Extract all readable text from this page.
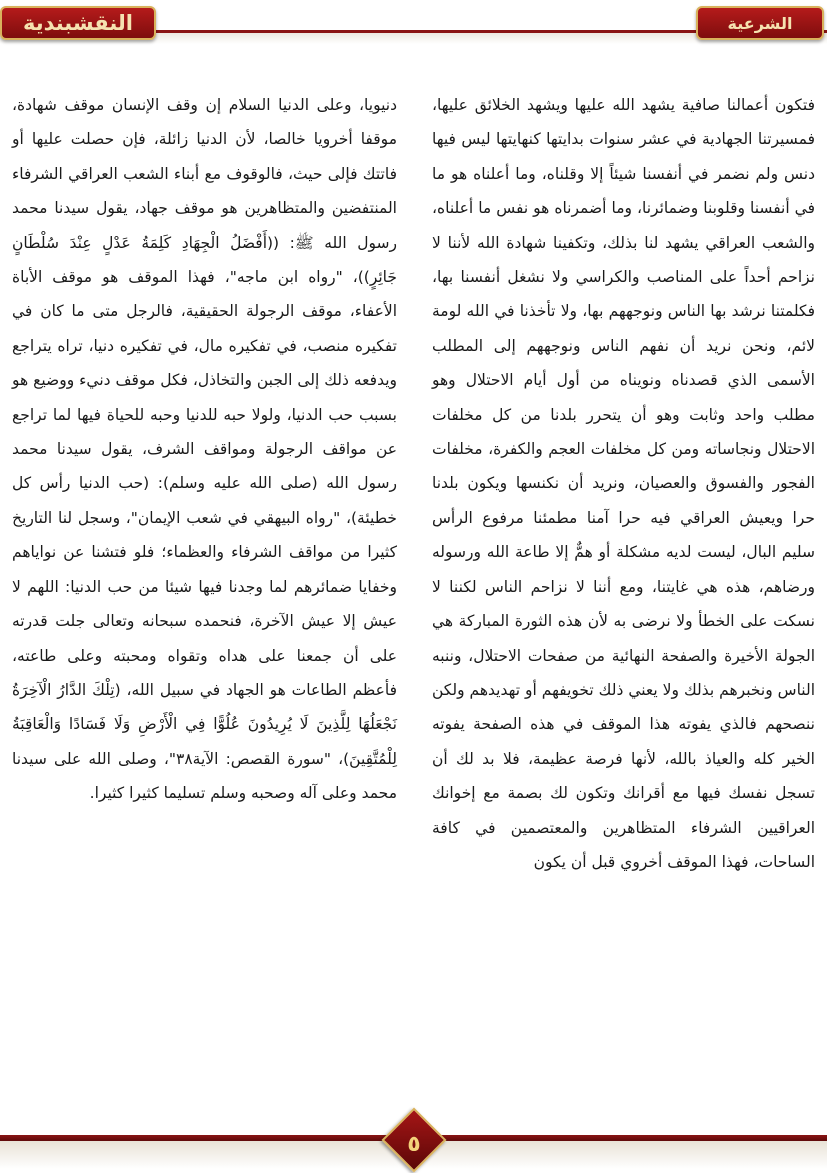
النقشبندية	الشرعية
فتكون أعمالنا صافية يشهد الله عليها ويشهد الخلائق عليها، فمسيرتنا الجهادية في عشر سنوات بدايتها كنهايتها ليس فيها دنس ولم نضمر في أنفسنا شيئاً إلا وقلناه، وما أعلناه هو ما في أنفسنا وقلوبنا وضمائرنا، وما أضمرناه هو نفس ما أعلناه، والشعب العراقي يشهد لنا بذلك، وتكفينا شهادة الله لأننا لا نزاحم أحداً على المناصب والكراسي ولا نشغل أنفسنا بها، فكلمتنا نرشد بها الناس ونوجههم بها، ولا تأخذنا في الله لومة لائم، ونحن نريد أن نفهم الناس ونوجههم إلى المطلب الأسمى الذي قصدناه ونويناه من أول أيام الاحتلال وهو مطلب واحد وثابت وهو أن يتحرر بلدنا من كل مخلفات الاحتلال ونجاساته ومن كل مخلفات العجم والكفرة، مخلفات الفجور والفسوق والعصيان، ونريد أن نكنسها ويكون بلدنا حرا ويعيش العراقي فيه حرا آمنا مطمئنا مرفوع الرأس سليم البال، ليست لديه مشكلة أو همٌّ إلا طاعة الله ورسوله ورضاهم، هذه هي غايتنا، ومع أننا لا نزاحم الناس لكننا لا نسكت على الخطأ ولا نرضى به لأن هذه الثورة المباركة هي الجولة الأخيرة والصفحة النهائية من صفحات الاحتلال، وننبه الناس ونخبرهم بذلك ولا يعني ذلك تخويفهم أو تهديدهم ولكن ننصحهم فالذي يفوته هذا الموقف في هذه الصفحة يفوته الخير كله والعياذ بالله، لأنها فرصة عظيمة، فلا بد لك أن تسجل نفسك فيها مع أقرانك وتكون لك بصمة مع إخوانك العراقيين الشرفاء المتظاهرين والمعتصمين في كافة الساحات، فهذا الموقف أخروي قبل أن يكون
دنيويا، وعلى الدنيا السلام إن وقف الإنسان موقف شهادة، موقفا أخرويا خالصا، لأن الدنيا زائلة، فإن حصلت عليها أو فاتتك فإلى حيث، فالوقوف مع أبناء الشعب العراقي الشرفاء المنتفضين والمتظاهرين هو موقف جهاد، يقول سيدنا محمد رسول الله ﷺ: ((أَفْضَلُ الْجِهَادِ كَلِمَةُ عَدْلٍ عِنْدَ سُلْطَانٍ جَائِرٍ))، "رواه ابن ماجه"، فهذا الموقف هو موقف الأباة الأعفاء، موقف الرجولة الحقيقية، فالرجل متى ما كان في تفكيره منصب، في تفكيره مال، في تفكيره دنيا، تراه يتراجع ويدفعه ذلك إلى الجبن والتخاذل، فكل موقف دنيء ووضيع هو بسبب حب الدنيا، ولولا حبه للدنيا وحبه للحياة فيها لما تراجع عن مواقف الرجولة ومواقف الشرف، يقول سيدنا محمد رسول الله (صلى الله عليه وسلم): (حب الدنيا رأس كل خطيئة)، "رواه البيهقي في شعب الإيمان"، وسجل لنا التاريخ كثيرا من مواقف الشرفاء والعظماء؛ فلو فتشنا عن نواياهم وخفايا ضمائرهم لما وجدنا فيها شيئا من حب الدنيا: اللهم لا عيش إلا عيش الآخرة، فنحمده سبحانه وتعالى جلت قدرته على أن جمعنا على هداه وتقواه ومحبته وعلى طاعته، فأعظم الطاعات هو الجهاد في سبيل الله، (تِلْكَ الدَّارُ الْآخِرَةُ نَجْعَلُهَا لِلَّذِينَ لَا يُرِيدُونَ عُلُوًّا فِي الْأَرْضِ وَلَا فَسَادًا وَالْعَاقِبَةُ لِلْمُتَّقِينَ)، "سورة القصص: الآية٣٨"، وصلى الله على سيدنا محمد وعلى آله وصحبه وسلم تسليما كثيرا كثيرا.
٥
